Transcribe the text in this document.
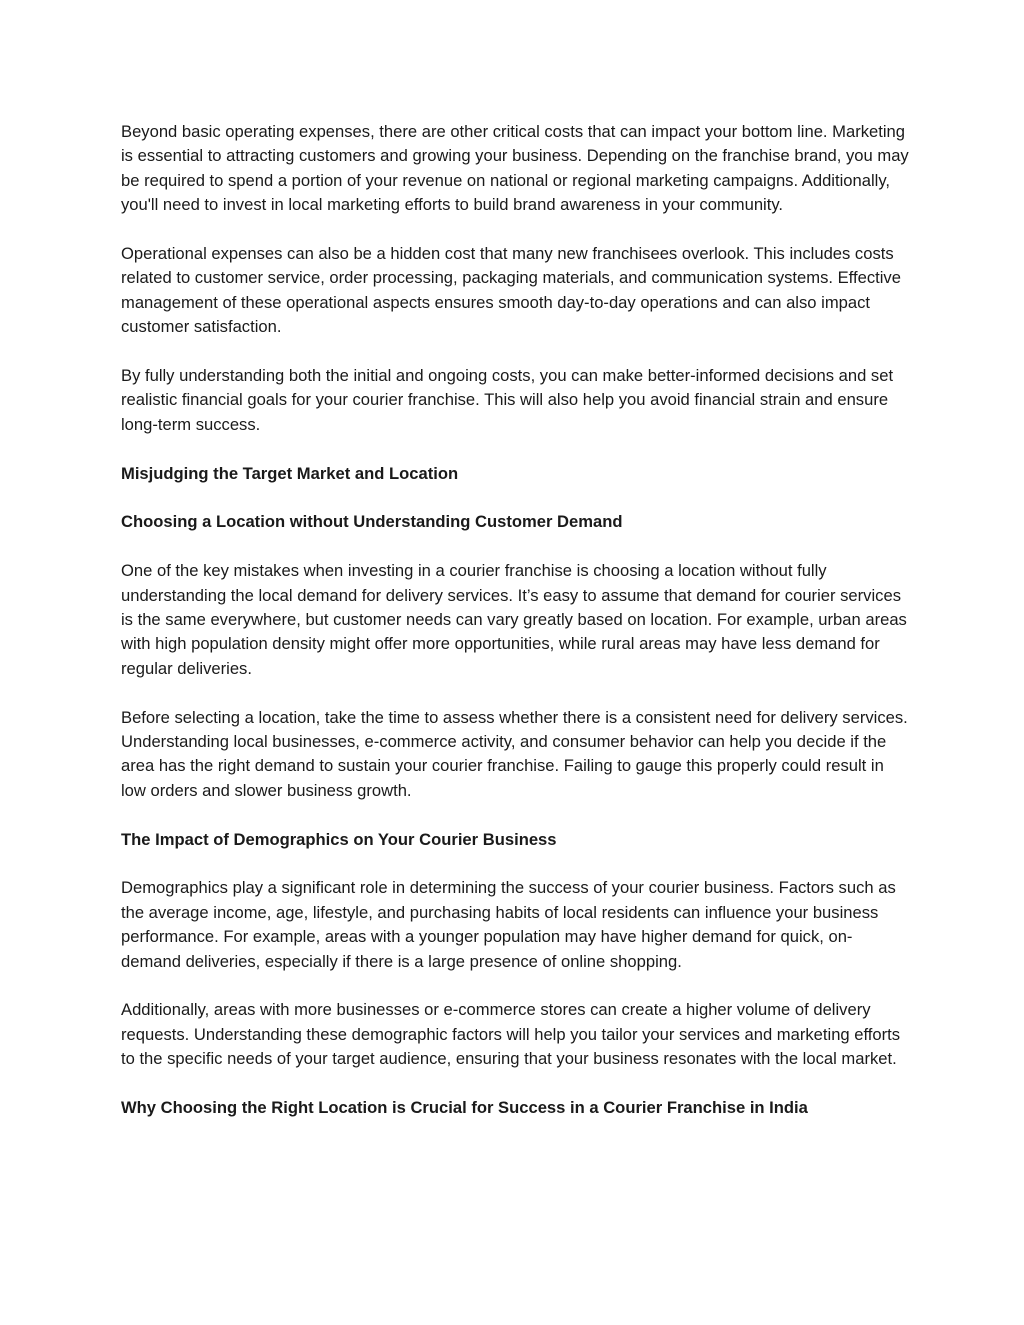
Beyond basic operating expenses, there are other critical costs that can impact your bottom line. Marketing is essential to attracting customers and growing your business. Depending on the franchise brand, you may be required to spend a portion of your revenue on national or regional marketing campaigns. Additionally, you'll need to invest in local marketing efforts to build brand awareness in your community.

Operational expenses can also be a hidden cost that many new franchisees overlook. This includes costs related to customer service, order processing, packaging materials, and communication systems. Effective management of these operational aspects ensures smooth day-to-day operations and can also impact customer satisfaction.

By fully understanding both the initial and ongoing costs, you can make better-informed decisions and set realistic financial goals for your courier franchise. This will also help you avoid financial strain and ensure long-term success.

Misjudging the Target Market and Location

Choosing a Location without Understanding Customer Demand

One of the key mistakes when investing in a courier franchise is choosing a location without fully understanding the local demand for delivery services. It’s easy to assume that demand for courier services is the same everywhere, but customer needs can vary greatly based on location. For example, urban areas with high population density might offer more opportunities, while rural areas may have less demand for regular deliveries.

Before selecting a location, take the time to assess whether there is a consistent need for delivery services. Understanding local businesses, e-commerce activity, and consumer behavior can help you decide if the area has the right demand to sustain your courier franchise. Failing to gauge this properly could result in low orders and slower business growth.

The Impact of Demographics on Your Courier Business

Demographics play a significant role in determining the success of your courier business. Factors such as the average income, age, lifestyle, and purchasing habits of local residents can influence your business performance. For example, areas with a younger population may have higher demand for quick, on-demand deliveries, especially if there is a large presence of online shopping.

Additionally, areas with more businesses or e-commerce stores can create a higher volume of delivery requests. Understanding these demographic factors will help you tailor your services and marketing efforts to the specific needs of your target audience, ensuring that your business resonates with the local market.

Why Choosing the Right Location is Crucial for Success in a Courier Franchise in India
